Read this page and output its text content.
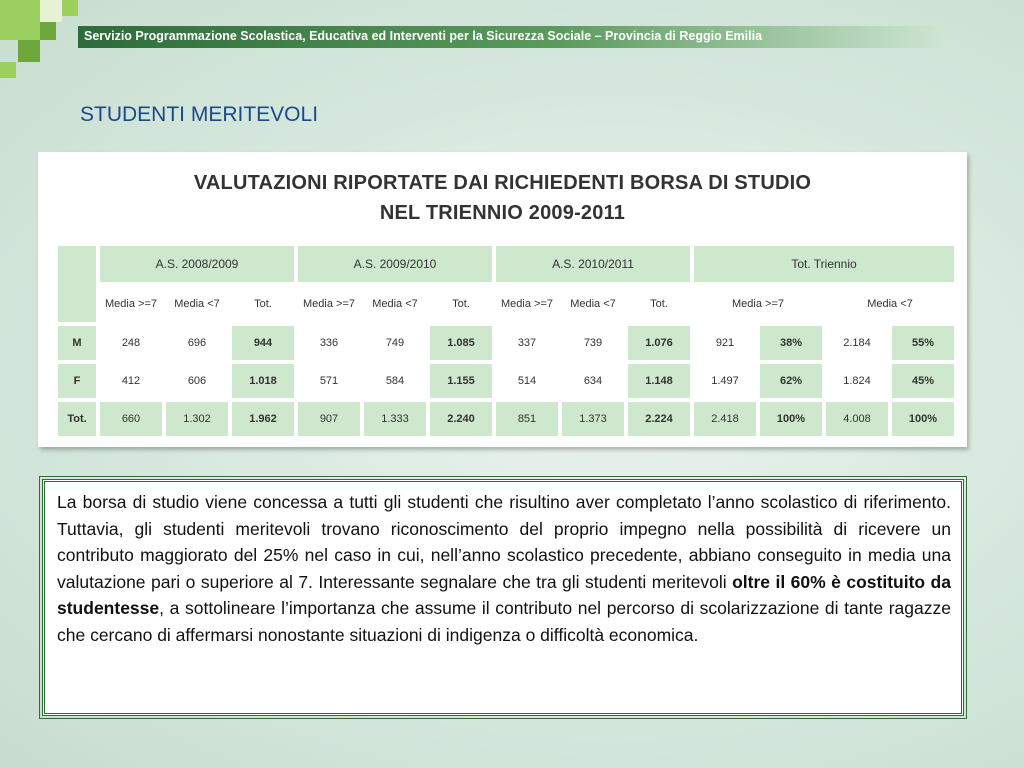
Servizio Programmazione Scolastica, Educativa ed Interventi per la Sicurezza Sociale – Provincia di Reggio Emilia
STUDENTI MERITEVOLI
VALUTAZIONI RIPORTATE DAI RICHIEDENTI BORSA DI STUDIO
NEL TRIENNIO 2009-2011
	A.S. 2008/2009			A.S. 2009/2010			A.S. 2010/2011			Tot. Triennio			
	Media >=7	Media <7	Tot.	Media >=7	Media <7	Tot.	Media >=7	Media <7	Tot.	Media >=7		Media <7	
M	248	696	944	336	749	1.085	337	739	1.076	921	38%	2.184	55%
F	412	606	1.018	571	584	1.155	514	634	1.148	1.497	62%	1.824	45%
Tot.	660	1.302	1.962	907	1.333	2.240	851	1.373	2.224	2.418	100%	4.008	100%

La borsa di studio viene concessa a tutti gli studenti che risultino aver completato l’anno scolastico di riferimento. Tuttavia, gli studenti meritevoli trovano riconoscimento del proprio impegno nella possibilità di ricevere un contributo maggiorato del 25% nel caso in cui, nell’anno scolastico precedente, abbiano conseguito in media una valutazione pari o superiore al 7. Interessante segnalare che tra gli studenti meritevoli oltre il 60% è costituito da studentesse, a sottolineare l’importanza che assume il contributo nel percorso di scolarizzazione di tante ragazze che cercano di affermarsi nonostante situazioni di indigenza o difficoltà economica.
